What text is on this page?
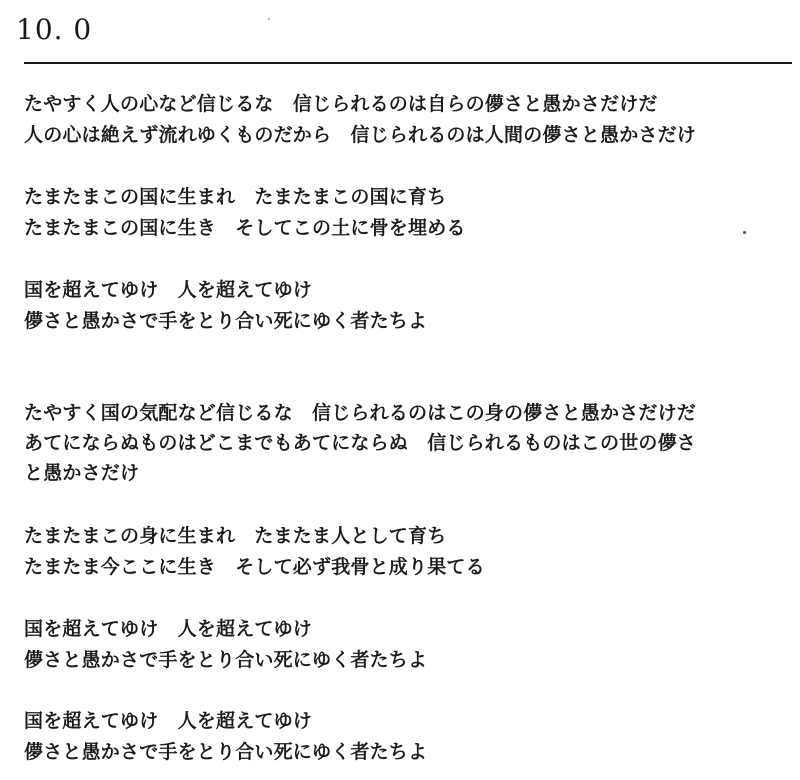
10. 0
たやすく人の心など信じるな　信じられるのは自らの儚さと愚かさだけだ
人の心は絶えず流れゆくものだから　信じられるのは人間の儚さと愚かさだけ
たまたまこの国に生まれ　たまたまこの国に育ち
たまたまこの国に生き　そしてこの土に骨を埋める
国を超えてゆけ　人を超えてゆけ
儚さと愚かさで手をとり合い死にゆく者たちよ
たやすく国の気配など信じるな　信じられるのはこの身の儚さと愚かさだけだ
あてにならぬものはどこまでもあてにならぬ　信じられるものはこの世の儚さ
と愚かさだけ
たまたまこの身に生まれ　たまたま人として育ち
たまたま今ここに生き　そして必ず我骨と成り果てる
国を超えてゆけ　人を超えてゆけ
儚さと愚かさで手をとり合い死にゆく者たちよ
国を超えてゆけ　人を超えてゆけ
儚さと愚かさで手をとり合い死にゆく者たちよ
